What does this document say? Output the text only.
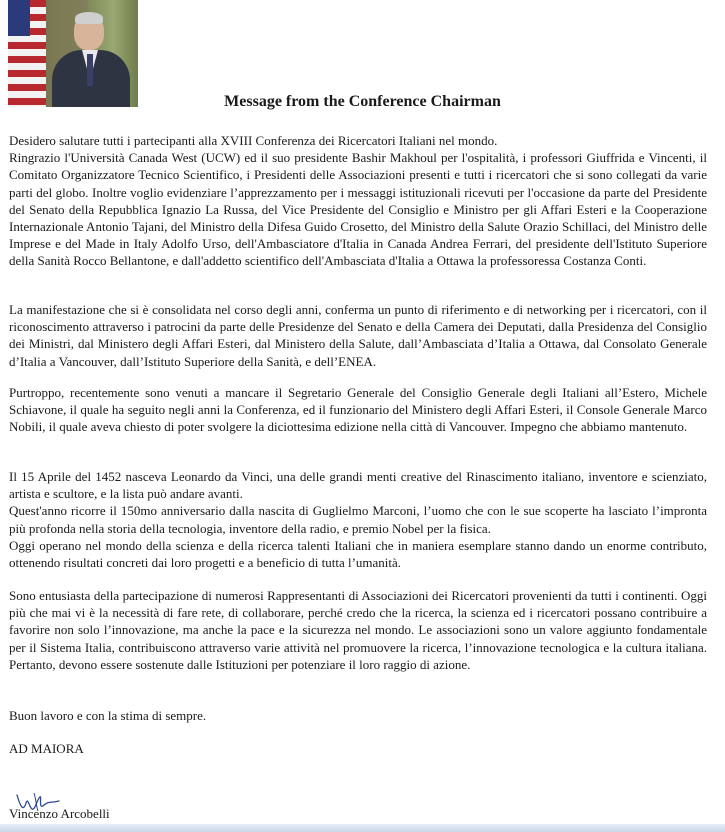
Message from the Conference Chairman

Desidero salutare tutti i partecipanti alla XVIII Conferenza dei Ricercatori Italiani nel mondo.
Ringrazio l'Università Canada West (UCW) ed il suo presidente Bashir Makhoul per l'ospitalità, i professori Giuffrida e Vincenti, il Comitato Organizzatore Tecnico Scientifico, i Presidenti delle Associazioni presenti e tutti i ricercatori che si sono collegati da varie parti del globo. Inoltre voglio evidenziare l’apprezzamento per i messaggi istituzionali ricevuti per l'occasione da parte del Presidente del Senato della Repubblica Ignazio La Russa, del Vice Presidente del Consiglio e Ministro per gli Affari Esteri e la Cooperazione Internazionale Antonio Tajani, del Ministro della Difesa Guido Crosetto, del Ministro della Salute Orazio Schillaci, del Ministro delle Imprese e del Made in Italy Adolfo Urso, dell'Ambasciatore d'Italia in Canada Andrea Ferrari, del presidente dell'Istituto Superiore della Sanità Rocco Bellantone, e dall'addetto scientifico dell'Ambasciata d'Italia a Ottawa la professoressa Costanza Conti.

La manifestazione che si è consolidata nel corso degli anni, conferma un punto di riferimento e di networking per i ricercatori, con il riconoscimento attraverso i patrocini da parte delle Presidenze del Senato e della Camera dei Deputati, dalla Presidenza del Consiglio dei Ministri, dal Ministero degli Affari Esteri, dal Ministero della Salute, dall’Ambasciata d’Italia a Ottawa, dal Consolato Generale d’Italia a Vancouver, dall’Istituto Superiore della Sanità, e dell’ENEA.

Purtroppo, recentemente sono venuti a mancare il Segretario Generale del Consiglio Generale degli Italiani all’Estero, Michele Schiavone, il quale ha seguito negli anni la Conferenza, ed il funzionario del Ministero degli Affari Esteri, il Console Generale Marco Nobili, il quale aveva chiesto di poter svolgere la diciottesima edizione nella città di Vancouver. Impegno che abbiamo mantenuto.

Il 15 Aprile del 1452 nasceva Leonardo da Vinci, una delle grandi menti creative del Rinascimento italiano, inventore e scienziato, artista e scultore, e la lista può andare avanti.
Quest'anno ricorre il 150mo anniversario dalla nascita di Guglielmo Marconi, l’uomo che con le sue scoperte ha lasciato l’impronta più profonda nella storia della tecnologia, inventore della radio, e premio Nobel per la fisica.
Oggi operano nel mondo della scienza e della ricerca talenti Italiani che in maniera esemplare stanno dando un enorme contributo, ottenendo risultati concreti dai loro progetti e a beneficio di tutta l’umanità.

Sono entusiasta della partecipazione di numerosi Rappresentanti di Associazioni dei Ricercatori provenienti da tutti i continenti. Oggi più che mai vi è la necessità di fare rete, di collaborare, perché credo che la ricerca, la scienza ed i ricercatori possano contribuire a favorire non solo l’innovazione, ma anche la pace e la sicurezza nel mondo. Le associazioni sono un valore aggiunto fondamentale per il Sistema Italia, contribuiscono attraverso varie attività nel promuovere la ricerca, l’innovazione tecnologica e la cultura italiana. Pertanto, devono essere sostenute dalle Istituzioni per potenziare il loro raggio di azione.

Buon lavoro e con la stima di sempre.

AD MAIORA

Vincenzo Arcobelli
